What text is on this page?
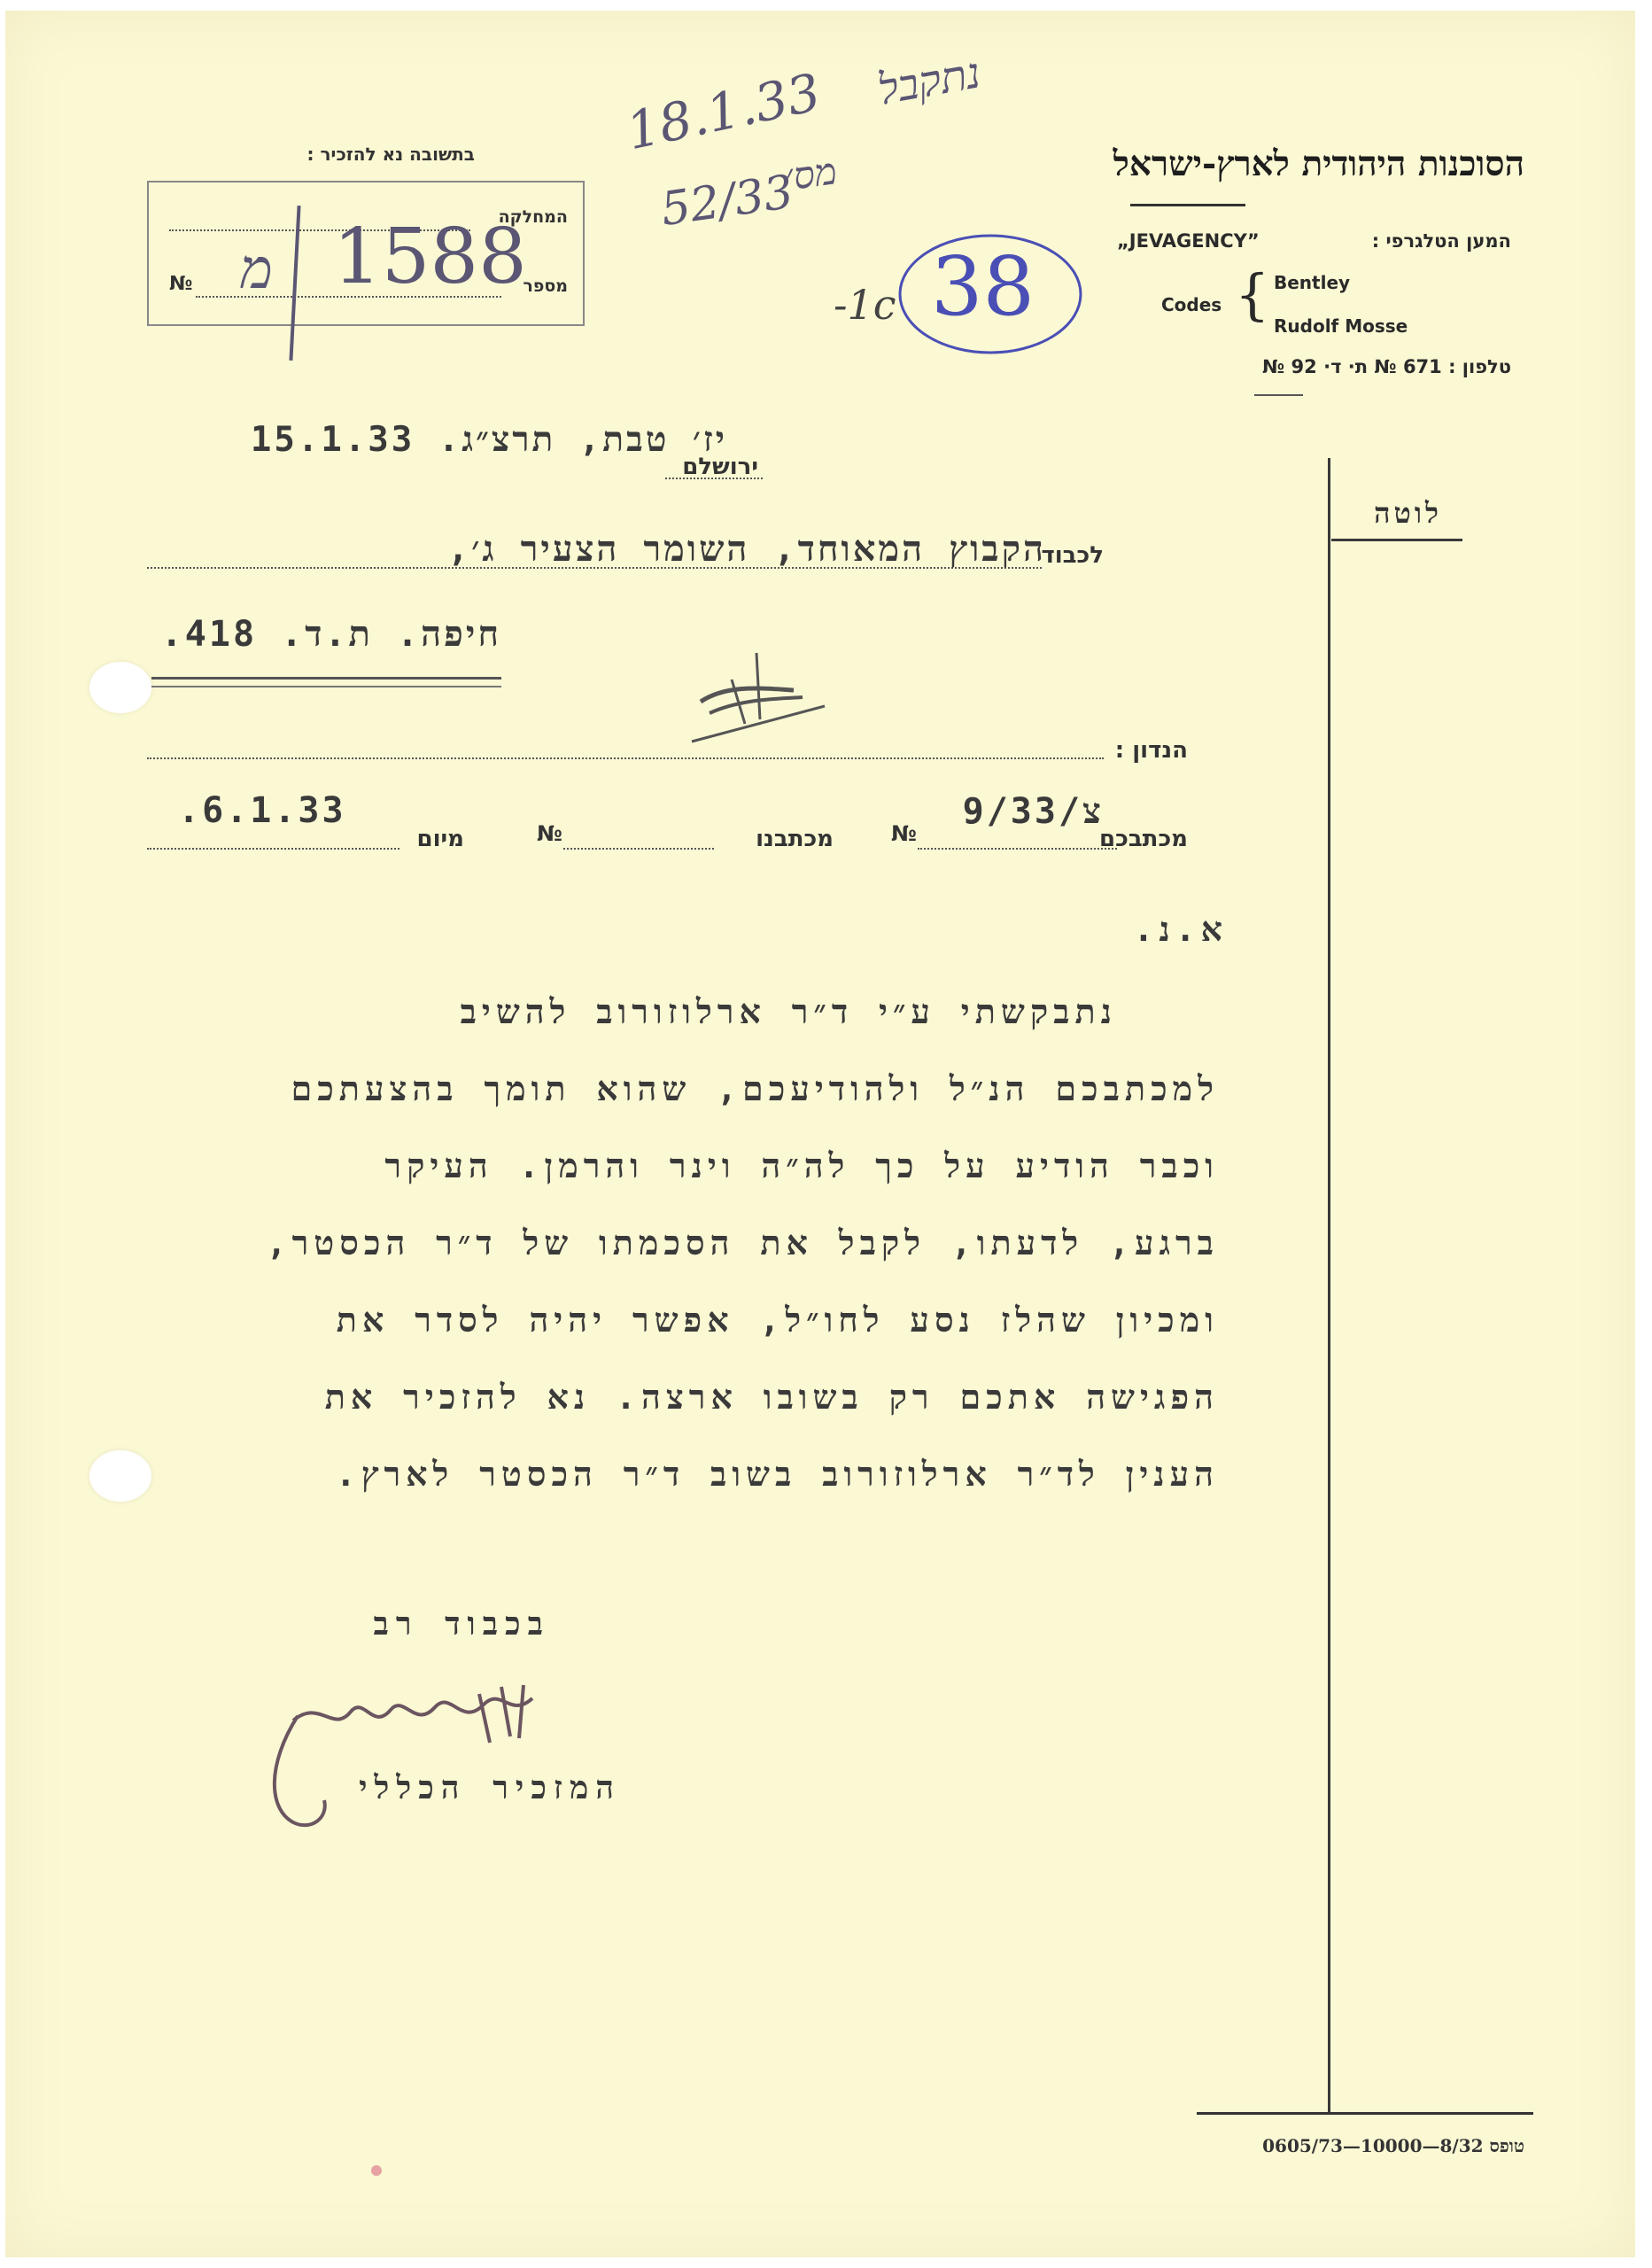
הסוכנות היהודית לארץ-ישראל
המען הטלגרפי :
„JEVAGENCY”
Codes { Bentley
Rudolf Mosse
טלפון : 671 № ת· ד· 92 №
בתשובה נא להזכיר :
המחלקה
מספר
№ 1588
מ
18.1.33 נתקבל
52/33
מס׳
38
-1c
לוטה
ירושלם
יז׳ טבת, תרצ״ג. 15.1.33
לכבוד
הקבוץ המאוחד, השומר הצעיר ג׳,
חיפה. ת.ד. 418.
הנדון :
מכתבכם
№
צ/9/33
מכתבנו
№
מיום
.6.1.33
א.נ.
נתבקשתי ע״י ד״ר ארלוזורוב להשיב
למכתבכם הנ״ל ולהודיעכם, שהוא תומך בהצעתכם
וכבר הודיע על כך לה״ה וינר והרמן. העיקר
ברגע, לדעתו, לקבל את הסכמתו של ד״ר הכסטר,
ומכיון שהלז נסע לחו״ל, אפשר יהיה לסדר את
הפגישה אתכם רק בשובו ארצה. נא להזכיר את
הענין לד״ר ארלוזורוב בשוב ד״ר הכסטר לארץ.
בכבוד רב
המזכיר הכללי
טופס 8/32—10000—0605/73
